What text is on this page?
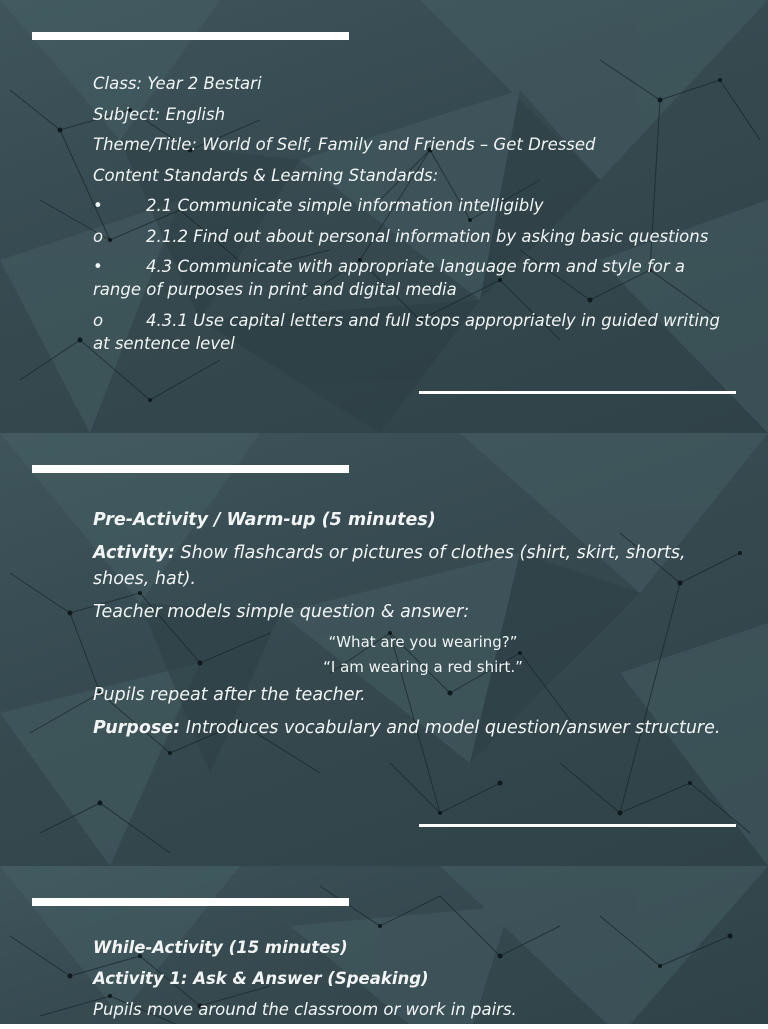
Class: Year 2 Bestari

Subject: English

Theme/Title: World of Self, Family and Friends – Get Dressed

Content Standards & Learning Standards:

•	2.1 Communicate simple information intelligibly

o	2.1.2 Find out about personal information by asking basic questions

•	4.3 Communicate with appropriate language form and style for a range of purposes in print and digital media

o	4.3.1 Use capital letters and full stops appropriately in guided writing at sentence level

Pre-Activity / Warm-up (5 minutes)

Activity: Show flashcards or pictures of clothes (shirt, skirt, shorts, shoes, hat).

Teacher models simple question & answer:

“What are you wearing?”

“I am wearing a red shirt.”

Pupils repeat after the teacher.

Purpose: Introduces vocabulary and model question/answer structure.

While-Activity (15 minutes)

Activity 1: Ask & Answer (Speaking)

Pupils move around the classroom or work in pairs.
